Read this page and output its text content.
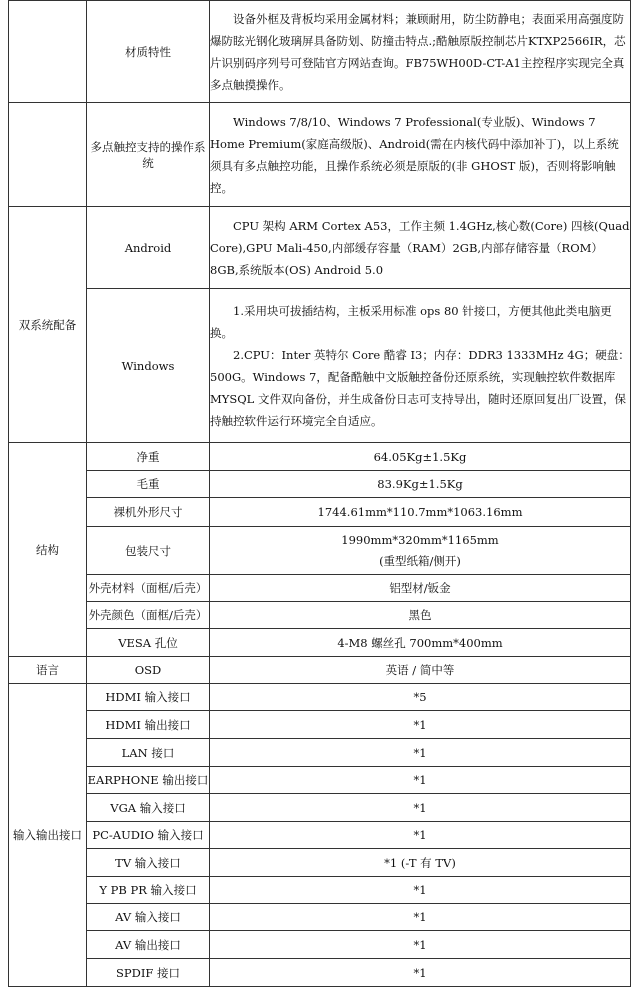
	材质特性	设备外框及背板均采用金属材料；兼顾耐用，防尘防静电；表面采用高强度防爆防眩光钢化玻璃屏具备防划、防撞击特点.;酷触原版控制芯片KTXP2566IR，芯片识别码序列号可登陆官方网站查询。FB75WH00D-CT-A1主控程序实现完全真多点触摸操作。

	多点触控支持的操作系统	Windows 7/8/10、Windows 7 Professional(专业版)、Windows 7 Home Premium(家庭高级版)、Android(需在内核代码中添加补丁)，以上系统须具有多点触控功能，且操作系统必须是原版的(非 GHOST 版)，否则将影响触控。

双系统配备	Android	CPU 架构 ARM Cortex A53，工作主频 1.4GHz,核心数(Core) 四核(Quad Core),GPU Mali-450,内部缓存容量（RAM）2GB,内部存储容量（ROM）8GB,系统版本(OS) Android 5.0

	Windows	1.采用块可拔插结构，主板采用标准 ops 80 针接口，方便其他此类电脑更换。

2.CPU：Inter 英特尔 Core 酷睿 I3；内存：DDR3 1333MHz 4G；硬盘：500G。Windows 7，配备酷触中文版触控备份还原系统，实现触控软件数据库 MYSQL 文件双向备份，并生成备份日志可支持导出，随时还原回复出厂设置，保持触控软件运行环境完全自适应。

结构	净重	64.05Kg±1.5Kg
	毛重	83.9Kg±1.5Kg
	裸机外形尺寸	1744.61mm*110.7mm*1063.16mm
	包装尺寸	1990mm*320mm*1165mm
(重型纸箱/侧开)

	外壳材料（面框/后壳）	铝型材/钣金
	外壳颜色（面框/后壳）	黑色
	VESA 孔位	4-M8 螺丝孔 700mm*400mm
语言	OSD	英语 / 简中等
输入输出接口	HDMI 输入接口	*5
	HDMI 输出接口	*1
	LAN 接口	*1
	EARPHONE 输出接口	*1
	VGA 输入接口	*1
	PC-AUDIO 输入接口	*1
	TV 输入接口	*1 (-T 有 TV)
	Y PB PR 输入接口	*1
	AV 输入接口	*1
	AV 输出接口	*1
	SPDIF 接口	*1
